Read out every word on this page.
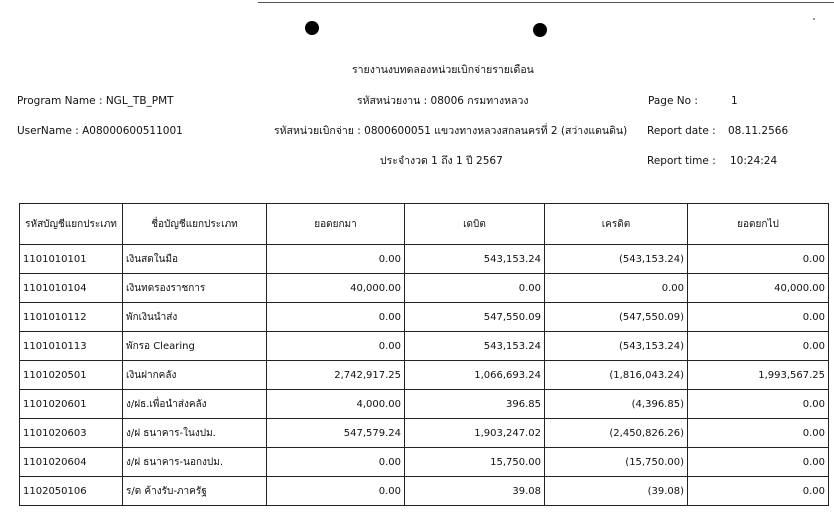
รายงานงบทดลองหน่วยเบิกจ่ายรายเดือน
Program Name : NGL_TB_PMT
UserName : A08000600511001
รหัสหน่วยงาน : 08006 กรมทางหลวง
รหัสหน่วยเบิกจ่าย : 0800600051 แขวงทางหลวงสกลนครที่ 2 (สว่างแดนดิน)
ประจำงวด 1 ถึง 1 ปี 2567
Page No :	1
Report date : 08.11.2566
Report time : 10:24:24
รหัสบัญชีแยกประเภท	ชื่อบัญชีแยกประเภท	ยอดยกมา	เดบิต	เครดิต	ยอดยกไป
1101010101	เงินสดในมือ	0.00	543,153.24	(543,153.24)	0.00
1101010104	เงินทดรองราชการ	40,000.00	0.00	0.00	40,000.00
1101010112	พักเงินนำส่ง	0.00	547,550.09	(547,550.09)	0.00
1101010113	พักรอ Clearing	0.00	543,153.24	(543,153.24)	0.00
1101020501	เงินฝากคลัง	2,742,917.25	1,066,693.24	(1,816,043.24)	1,993,567.25
1101020601	ง/ฝธ.เพื่อนำส่งคลัง	4,000.00	396.85	(4,396.85)	0.00
1101020603	ง/ฝ ธนาคาร-ในงปม.	547,579.24	1,903,247.02	(2,450,826.26)	0.00
1101020604	ง/ฝ ธนาคาร-นอกงปม.	0.00	15,750.00	(15,750.00)	0.00
1102050106	ร/ด ค้างรับ-ภาครัฐ	0.00	39.08	(39.08)	0.00
